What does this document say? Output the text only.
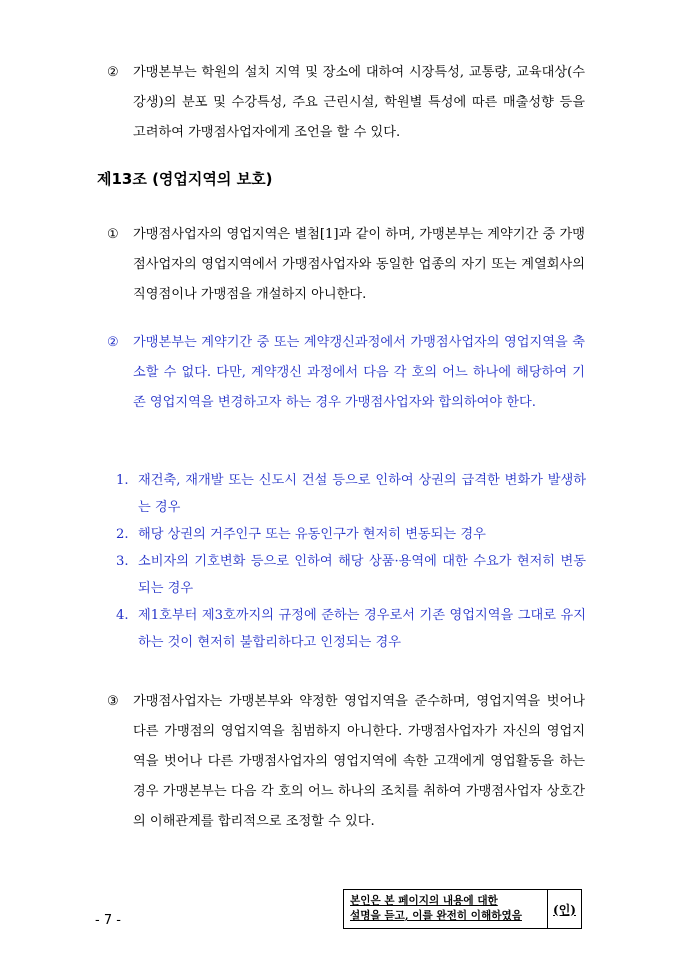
②	가맹본부는 학원의 설치 지역 및 장소에 대하여 시장특성, 교통량, 교육대상(수강생)의 분포 및 수강특성, 주요 근린시설, 학원별 특성에 따른 매출성향 등을 고려하여 가맹점사업자에게 조언을 할 수 있다.
제13조 (영업지역의 보호)
①	가맹점사업자의 영업지역은 별첨[1]과 같이 하며, 가맹본부는 계약기간 중 가맹점사업자의 영업지역에서 가맹점사업자와 동일한 업종의 자기 또는 계열회사의 직영점이나 가맹점을 개설하지 아니한다.
②	가맹본부는 계약기간 중 또는 계약갱신과정에서 가맹점사업자의 영업지역을 축소할 수 없다. 다만, 계약갱신 과정에서 다음 각 호의 어느 하나에 해당하여 기존 영업지역을 변경하고자 하는 경우 가맹점사업자와 합의하여야 한다.
1. 재건축, 재개발 또는 신도시 건설 등으로 인하여 상권의 급격한 변화가 발생하는 경우
2. 해당 상권의 거주인구 또는 유동인구가 현저히 변동되는 경우
3. 소비자의 기호변화 등으로 인하여 해당 상품·용역에 대한 수요가 현저히 변동되는 경우
4. 제1호부터 제3호까지의 규정에 준하는 경우로서 기존 영업지역을 그대로 유지하는 것이 현저히 불합리하다고 인정되는 경우
③	가맹점사업자는 가맹본부와 약정한 영업지역을 준수하며, 영업지역을 벗어나 다른 가맹점의 영업지역을 침범하지 아니한다. 가맹점사업자가 자신의 영업지역을 벗어나 다른 가맹점사업자의 영업지역에 속한 고객에게 영업활동을 하는 경우 가맹본부는 다음 각 호의 어느 하나의 조치를 취하여 가맹점사업자 상호간의 이해관계를 합리적으로 조정할 수 있다.
- 7 -
본인은 본 페이지의 내용에 대한
설명을 듣고, 이를 완전히 이해하였음	(인)
